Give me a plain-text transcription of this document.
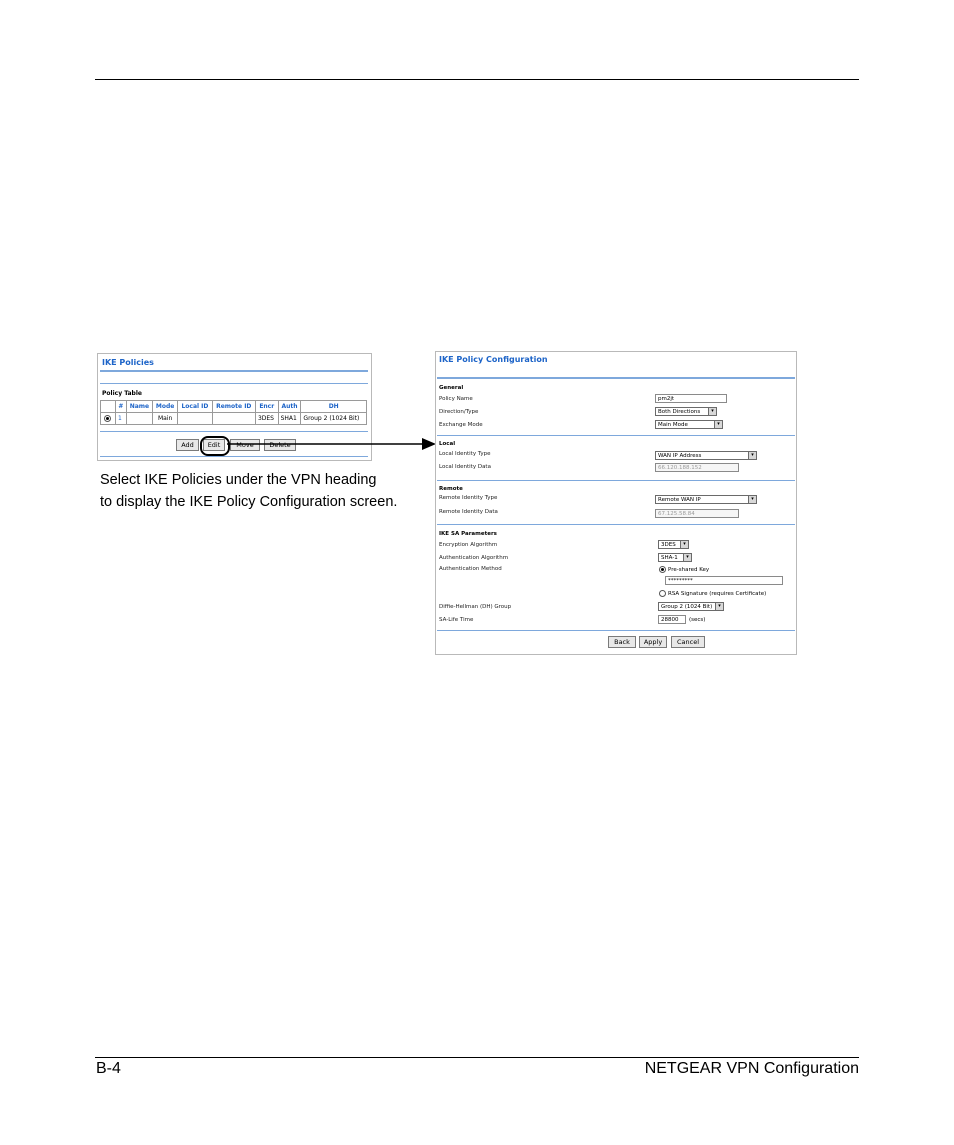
IKE Policies
Policy Table
	#	Name	Mode	Local ID	Remote ID	Encr	Auth	DH
	1		Main			3DES	SHA1	Group 2 (1024 Bit)
Add	Edit	Move	Delete
Select IKE Policies under the VPN heading
to display the IKE Policy Configuration screen.
IKE Policy Configuration
General
Policy Name	pm2jt
Direction/Type	Both Directions	▾
Exchange Mode	Main Mode	▾
Local
Local Identity Type	WAN IP Address	▾
Local Identity Data	66.120.188.152
Remote
Remote Identity Type	Remote WAN IP	▾
Remote Identity Data	67.125.58.84
IKE SA Parameters
Encryption Algorithm	3DES	▾
Authentication Algorithm	SHA-1	▾
Authentication Method	Pre-shared Key
*********
RSA Signature (requires Certificate)
Diffie-Hellman (DH) Group	Group 2 (1024 Bit)	▾
SA-Life Time	28800	(secs)
Back	Apply	Cancel
B-4	NETGEAR VPN Configuration
